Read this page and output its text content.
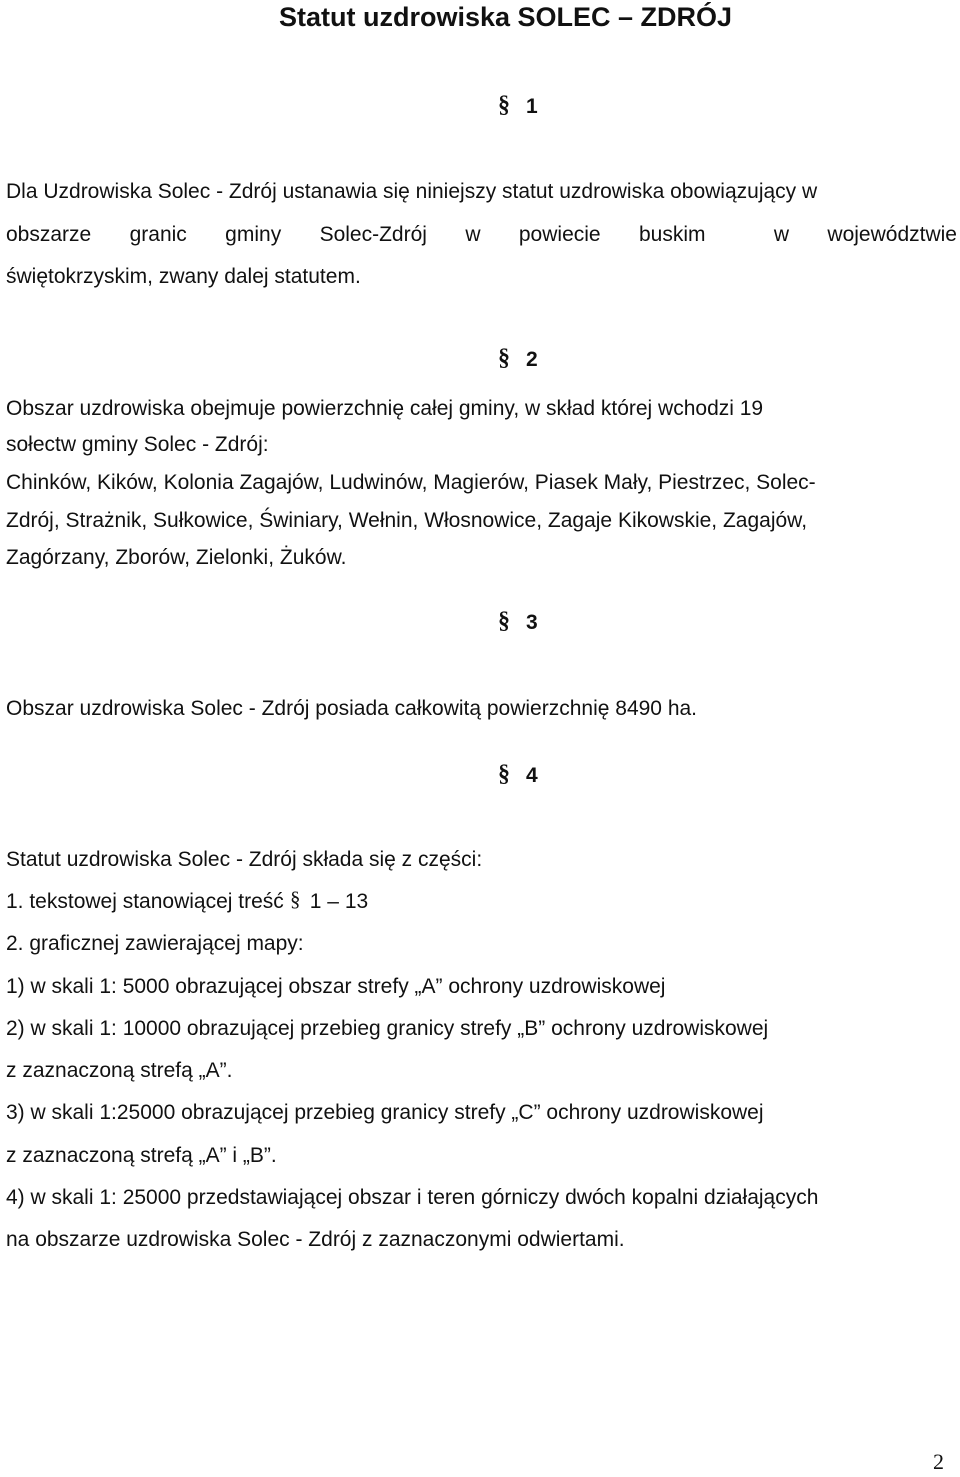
Statut uzdrowiska SOLEC – ZDRÓJ
§ 1
Dla Uzdrowiska Solec - Zdrój ustanawia się niniejszy statut uzdrowiska obowiązujący w
obszarze granic gminy Solec-Zdrój w powiecie buskim	w województwie
świętokrzyskim, zwany dalej statutem.
§ 2
Obszar uzdrowiska obejmuje powierzchnię całej gminy, w skład której wchodzi 19
sołectw gminy Solec - Zdrój:
Chinków, Kików, Kolonia Zagajów, Ludwinów, Magierów, Piasek Mały, Piestrzec, Solec-
Zdrój, Strażnik, Sułkowice, Świniary, Wełnin, Włosnowice, Zagaje Kikowskie, Zagajów,
Zagórzany, Zborów, Zielonki, Żuków.
§ 3
Obszar uzdrowiska Solec - Zdrój posiada całkowitą powierzchnię 8490 ha.
§ 4
Statut uzdrowiska Solec - Zdrój składa się z części:
1. tekstowej stanowiącej treść § 1 – 13
2. graficznej zawierającej mapy:
1) w skali 1: 5000 obrazującej obszar strefy „A” ochrony uzdrowiskowej
2) w skali 1: 10000 obrazującej przebieg granicy strefy „B” ochrony uzdrowiskowej
z zaznaczoną strefą „A”.
3) w skali 1:25000 obrazującej przebieg granicy strefy „C” ochrony uzdrowiskowej
z zaznaczoną strefą „A” i „B”.
4) w skali 1: 25000 przedstawiającej obszar i teren górniczy dwóch kopalni działających
na obszarze uzdrowiska Solec - Zdrój z zaznaczonymi odwiertami.
2
